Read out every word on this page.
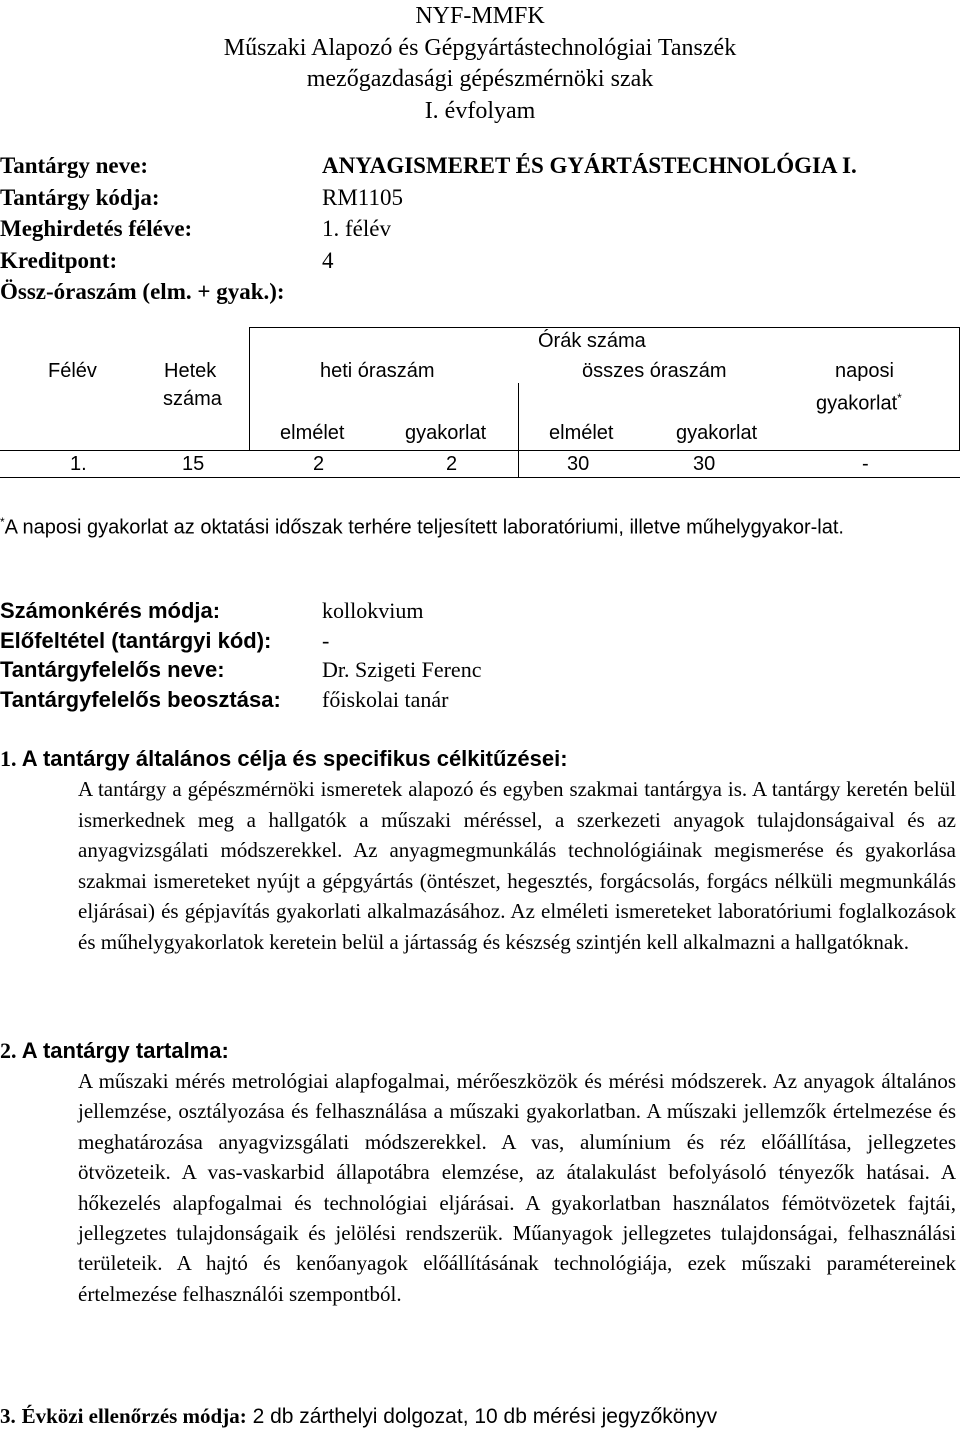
NYF-MMFK
Műszaki Alapozó és Gépgyártástechnológiai Tanszék
mezőgazdasági gépészmérnöki szak
I. évfolyam
Tantárgy neve:	ANYAGISMERET ÉS GYÁRTÁSTECHNOLÓGIA I.
Tantárgy kódja:	RM1105
Meghirdetés féléve:	1. félév
Kreditpont:	4
Össz-óraszám (elm. + gyak.):
Félév	Hetek
száma
Órák száma
heti óraszám	összes óraszám	naposi
gyakorlat*
elmélet	gyakorlat	elmélet	gyakorlat
1.	15	2	2	30	30	-
*A naposi gyakorlat az oktatási időszak terhére teljesített laboratóriumi, illetve műhelygyakor-lat.
Számonkérés módja:	kollokvium
Előfeltétel (tantárgyi kód): -
Tantárgyfelelős neve:	Dr. Szigeti Ferenc
Tantárgyfelelős beosztása: főiskolai tanár
1. A tantárgy általános célja és specifikus célkitűzései:
A tantárgy a gépészmérnöki ismeretek alapozó és egyben szakmai tantárgya is. A tantárgy keretén belül ismerkednek meg a hallgatók a műszaki méréssel, a szerkezeti anyagok tulajdonságaival és az anyagvizsgálati módszerekkel. Az anyagmegmunkálás technológiáinak megismerése és gyakorlása szakmai ismereteket nyújt a gépgyártás (öntészet, hegesztés, forgácsolás, forgács nélküli megmunkálás eljárásai) és gépjavítás gyakorlati alkalmazásához. Az elméleti ismereteket laboratóriumi foglalkozások és műhelygyakorlatok keretein belül a jártasság és készség szintjén kell alkalmazni a hallgatóknak.
2. A tantárgy tartalma:
A műszaki mérés metrológiai alapfogalmai, mérőeszközök és mérési módszerek. Az anyagok általános jellemzése, osztályozása és felhasználása a műszaki gyakorlatban. A műszaki jellemzők értelmezése és meghatározása anyagvizsgálati módszerekkel. A vas, alumínium és réz előállítása, jellegzetes ötvözeteik. A vas-vaskarbid állapotábra elemzése, az átalakulást befolyásoló tényezők hatásai. A hőkezelés alapfogalmai és technológiai eljárásai. A gyakorlatban használatos fémötvözetek fajtái, jellegzetes tulajdonságaik és jelölési rendszerük. Műanyagok jellegzetes tulajdonságai, felhasználási területeik. A hajtó és kenőanyagok előállításának technológiája, ezek műszaki paramétereinek értelmezése felhasználói szempontból.
3. Évközi ellenőrzés módja: 2 db zárthelyi dolgozat, 10 db mérési jegyzőkönyv
